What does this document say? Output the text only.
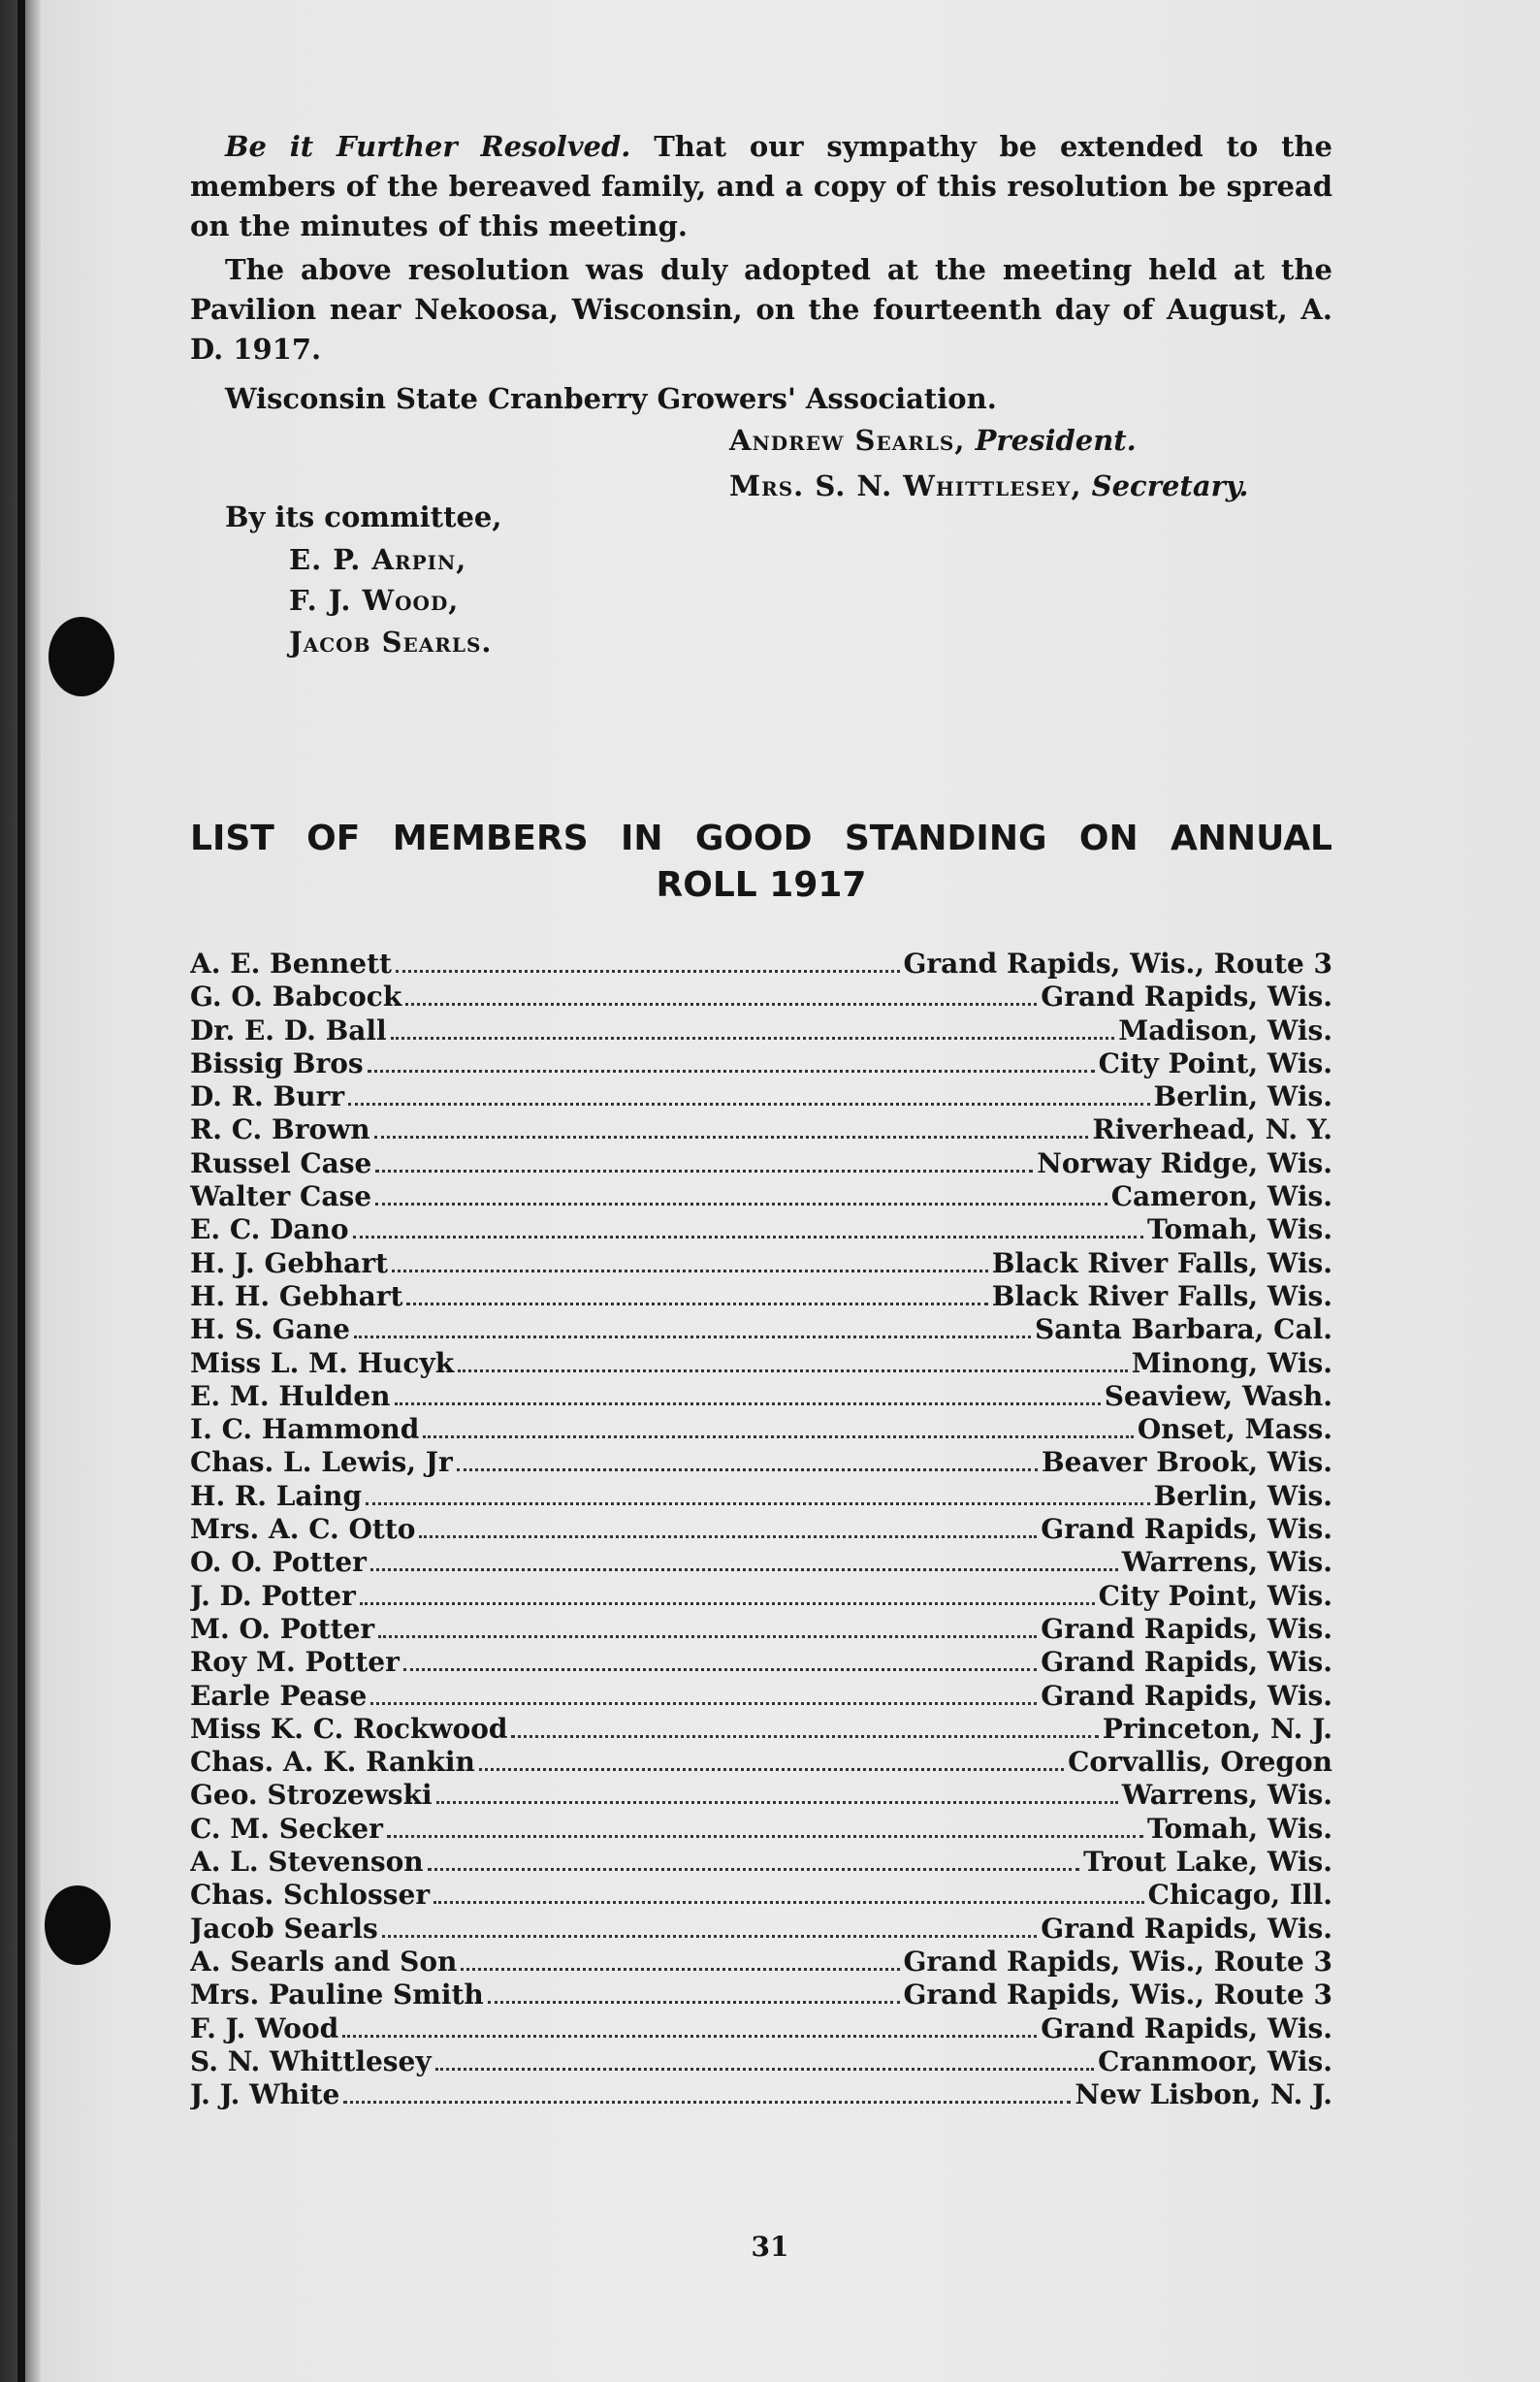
Be it Further Resolved. That our sympathy be extended to the members of the bereaved family, and a copy of this resolution be spread on the minutes of this meeting.

The above resolution was duly adopted at the meeting held at the Pavilion near Nekoosa, Wisconsin, on the fourteenth day of August, A. D. 1917.

Wisconsin State Cranberry Growers' Association.
Andrew Searls, President.
Mrs. S. N. Whittlesey, Secretary.
By its committee,
E. P. Arpin,
F. J. Wood,
Jacob Searls.
LIST OF MEMBERS IN GOOD STANDING ON ANNUAL
ROLL 1917
A. E. Bennett	Grand Rapids, Wis., Route 3
G. O. Babcock	Grand Rapids, Wis.
Dr. E. D. Ball	Madison, Wis.
Bissig Bros	City Point, Wis.
D. R. Burr	Berlin, Wis.
R. C. Brown	Riverhead, N. Y.
Russel Case	Norway Ridge, Wis.
Walter Case	Cameron, Wis.
E. C. Dano	Tomah, Wis.
H. J. Gebhart	Black River Falls, Wis.
H. H. Gebhart	Black River Falls, Wis.
H. S. Gane	Santa Barbara, Cal.
Miss L. M. Hucyk	Minong, Wis.
E. M. Hulden	Seaview, Wash.
I. C. Hammond	Onset, Mass.
Chas. L. Lewis, Jr	Beaver Brook, Wis.
H. R. Laing	Berlin, Wis.
Mrs. A. C. Otto	Grand Rapids, Wis.
O. O. Potter	Warrens, Wis.
J. D. Potter	City Point, Wis.
M. O. Potter	Grand Rapids, Wis.
Roy M. Potter	Grand Rapids, Wis.
Earle Pease	Grand Rapids, Wis.
Miss K. C. Rockwood	Princeton, N. J.
Chas. A. K. Rankin	Corvallis, Oregon
Geo. Strozewski	Warrens, Wis.
C. M. Secker	Tomah, Wis.
A. L. Stevenson	Trout Lake, Wis.
Chas. Schlosser	Chicago, Ill.
Jacob Searls	Grand Rapids, Wis.
A. Searls and Son	Grand Rapids, Wis., Route 3
Mrs. Pauline Smith	Grand Rapids, Wis., Route 3
F. J. Wood	Grand Rapids, Wis.
S. N. Whittlesey	Cranmoor, Wis.
J. J. White	New Lisbon, N. J.
31
